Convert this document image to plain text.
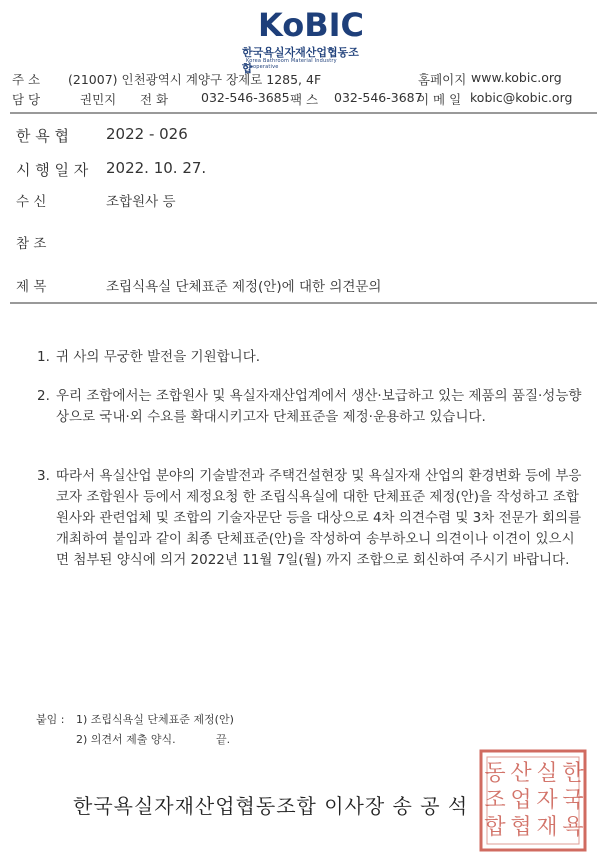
KoBIC
한국욕실자재산업협동조합
Korea Bathroom Material Industry Cooperative
주 소 (21007) 인천광역시 계양구 장제로 1285, 4F	홈페이지 www.kobic.org
담 당	권민지 전 화	032-546-3685 팩 스 032-546-3687
이 메 일 kobic@kobic.org
한 욕 협 2022 - 026
시 행 일 자 2022. 10. 27.
수 신	조합원사 등
참 조
제 목	조립식욕실 단체표준 제정(안)에 대한 의견문의
1. 귀 사의 무궁한 발전을 기원합니다.
2. 우리 조합에서는 조합원사 및 욕실자재산업계에서 생산·보급하고 있는 제품의 품질·성능향상으로 국내·외 수요를 확대시키고자 단체표준을 제정·운용하고 있습니다.
3. 따라서 욕실산업 분야의 기술발전과 주택건설현장 및 욕실자재 산업의 환경변화 등에 부응코자 조합원사 등에서 제정요청 한 조립식욕실에 대한 단체표준 제정(안)을 작성하고 조합원사와 관련업체 및 조합의 기술자문단 등을 대상으로 4차 의견수렴 및 3차 전문가 회의를 개최하여 붙임과 같이 최종 단체표준(안)을 작성하여 송부하오니 의견이나 이견이 있으시면 첨부된 양식에 의거 2022년 11월 7일(월) 까지 조합으로 회신하여 주시기 바랍니다.
붙임 : 1) 조립식욕실 단체표준 제정(안)
2) 의견서 제출 양식.	끝.
한
국
욕
실
자
재
산
업
협
동
조
합
한국욕실자재산업협동조합 이사장 송 공 석
